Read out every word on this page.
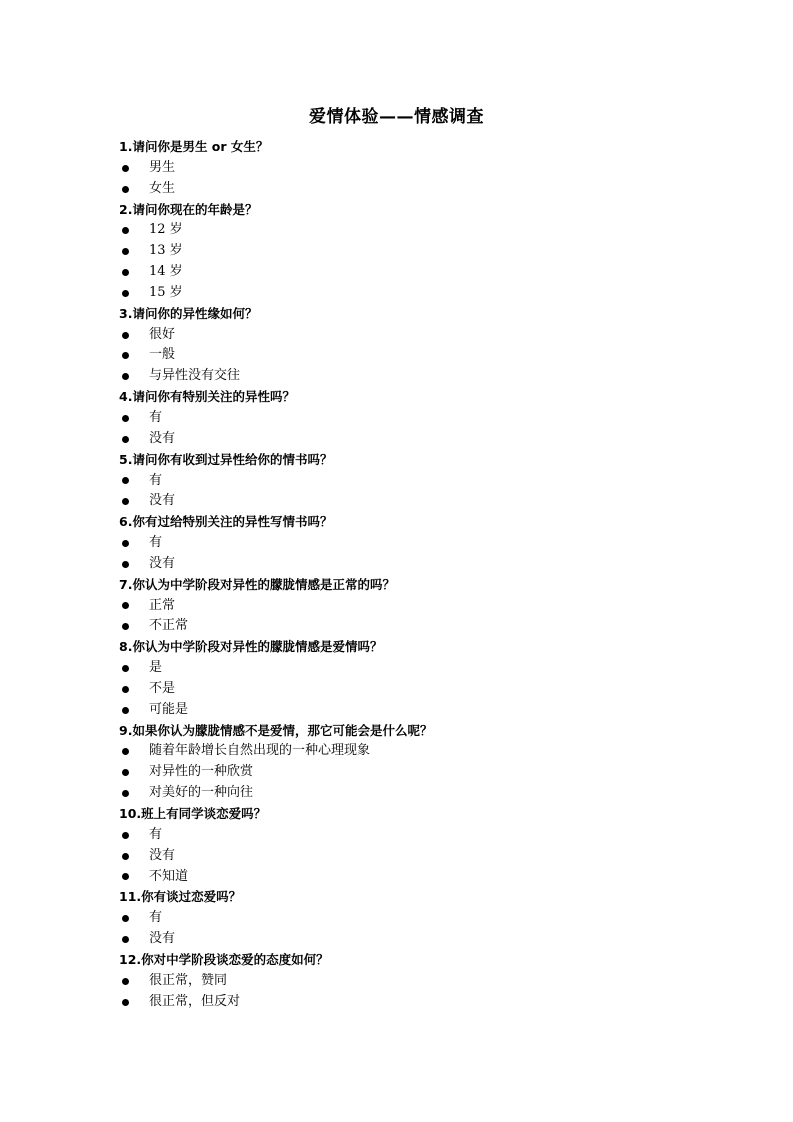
爱情体验——情感调查
1.请问你是男生 or 女生？
男生
女生
2.请问你现在的年龄是？
12 岁
13 岁
14 岁
15 岁
3.请问你的异性缘如何？
很好
一般
与异性没有交往
4.请问你有特别关注的异性吗？
有
没有
5.请问你有收到过异性给你的情书吗？
有
没有
6.你有过给特别关注的异性写情书吗？
有
没有
7.你认为中学阶段对异性的朦胧情感是正常的吗？
正常
不正常
8.你认为中学阶段对异性的朦胧情感是爱情吗？
是
不是
可能是
9.如果你认为朦胧情感不是爱情，那它可能会是什么呢？
随着年龄增长自然出现的一种心理现象
对异性的一种欣赏
对美好的一种向往
10.班上有同学谈恋爱吗？
有
没有
不知道
11.你有谈过恋爱吗？
有
没有
12.你对中学阶段谈恋爱的态度如何？
很正常，赞同
很正常，但反对
